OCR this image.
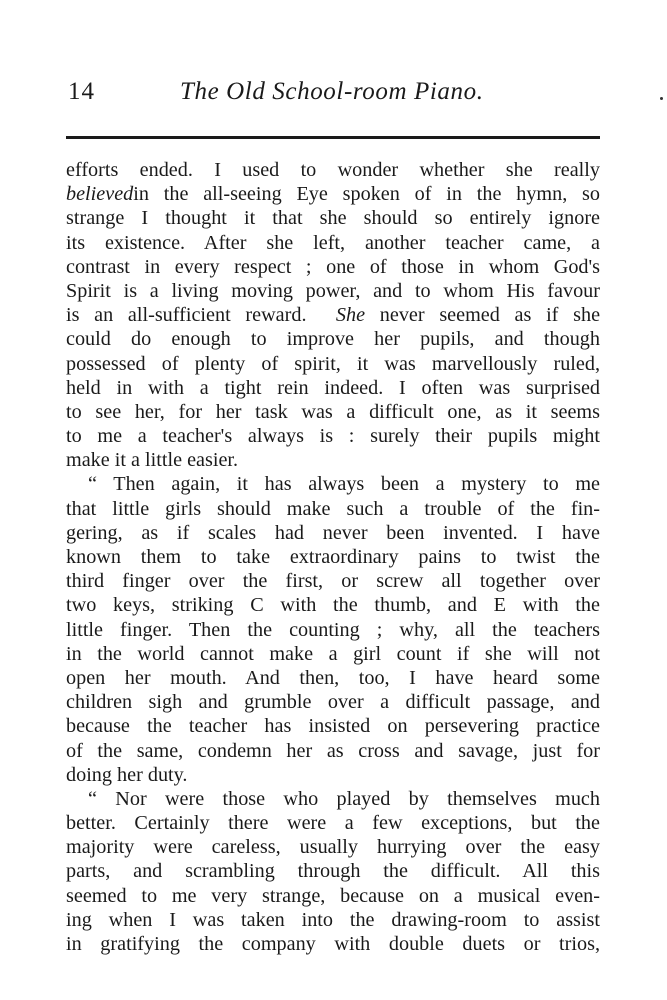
14	The Old School-room Piano.
efforts ended. I used to wonder whether she really
believedin the all-seeing Eye spoken of in the hymn, so
strange I thought it that she should so entirely ignore
its existence. After she left, another teacher came, a
contrast in every respect ; one of those in whom God's
Spirit is a living moving power, and to whom His favour
is an all-sufficient reward. She never seemed as if she
could do enough to improve her pupils, and though
possessed of plenty of spirit, it was marvellously ruled,
held in with a tight rein indeed. I often was surprised
to see her, for her task was a difficult one, as it seems
to me a teacher's always is : surely their pupils might
make it a little easier.
“ Then again, it has always been a mystery to me
that little girls should make such a trouble of the fin-
gering, as if scales had never been invented. I have
known them to take extraordinary pains to twist the
third finger over the first, or screw all together over
two keys, striking C with the thumb, and E with the
little finger. Then the counting ; why, all the teachers
in the world cannot make a girl count if she will not
open her mouth. And then, too, I have heard some
children sigh and grumble over a difficult passage, and
because the teacher has insisted on persevering practice
of the same, condemn her as cross and savage, just for
doing her duty.
“ Nor were those who played by themselves much
better. Certainly there were a few exceptions, but the
majority were careless, usually hurrying over the easy
parts, and scrambling through the difficult. All this
seemed to me very strange, because on a musical even-
ing when I was taken into the drawing-room to assist
in gratifying the company with double duets or trios,
